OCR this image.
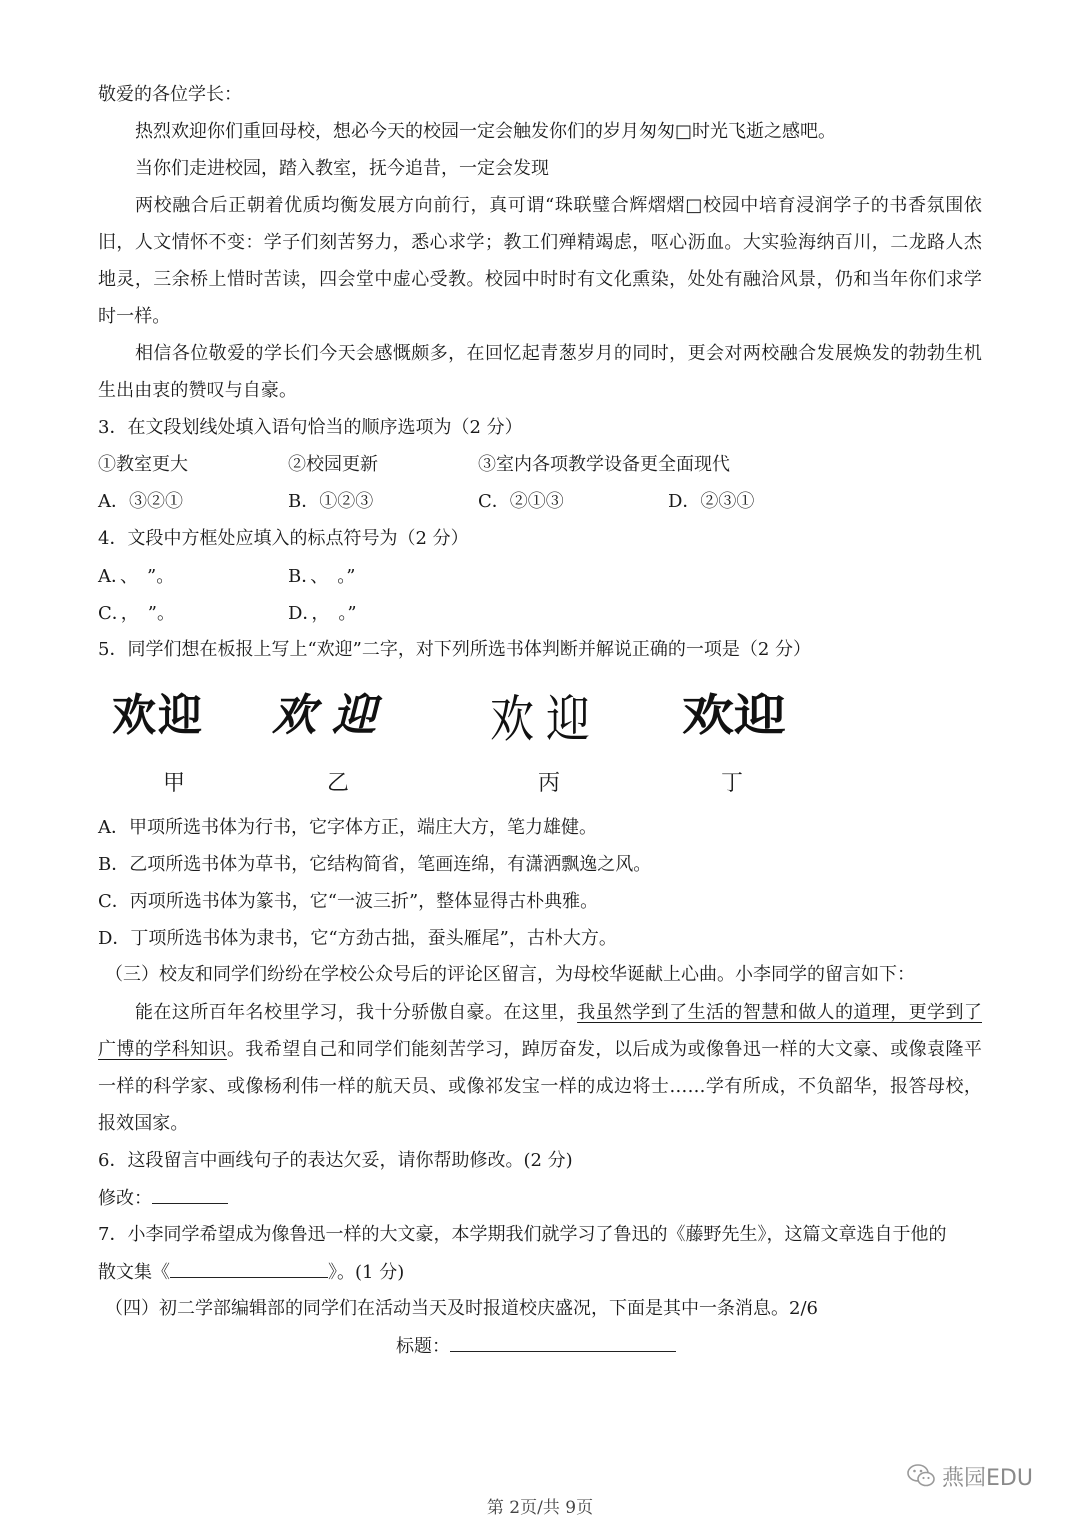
敬爱的各位学长：
热烈欢迎你们重回母校，想必今天的校园一定会触发你们的岁月匆匆□时光飞逝之感吧。
当你们走进校园，踏入教室，抚今追昔，一定会发现
两校融合后正朝着优质均衡发展方向前行，真可谓“珠联璧合辉熠熠□校园中培育浸润学子的书香氛围依旧，人文情怀不变：学子们刻苦努力，悉心求学；教工们殚精竭虑，呕心沥血。大实验海纳百川，二龙路人杰地灵，三余桥上惜时苦读，四会堂中虚心受教。校园中时时有文化熏染，处处有融洽风景，仍和当年你们求学时一样。
相信各位敬爱的学长们今天会感慨颇多，在回忆起青葱岁月的同时，更会对两校融合发展焕发的勃勃生机生出由衷的赞叹与自豪。
3．在文段划线处填入语句恰当的顺序选项为（2 分）
①教室更大	②校园更新	③室内各项教学设备更全面现代
A．③②①	B．①②③	C．②①③	D．②③①
4．文段中方框处应填入的标点符号为（2 分）
A．、　”。	B．、　。”
C．，　”。	D．，　。”
5．同学们想在板报上写上“欢迎”二字，对下列所选书体判断并解说正确的一项是（2 分）
欢迎 欢迎 欢迎 欢迎
甲	乙	丙	丁
A．甲项所选书体为行书，它字体方正，端庄大方，笔力雄健。
B．乙项所选书体为草书，它结构简省，笔画连绵，有潇洒飘逸之风。
C．丙项所选书体为篆书，它“一波三折”，整体显得古朴典雅。
D．丁项所选书体为隶书，它“方劲古拙，蚕头雁尾”，古朴大方。
（三）校友和同学们纷纷在学校公众号后的评论区留言，为母校华诞献上心曲。小李同学的留言如下：
能在这所百年名校里学习，我十分骄傲自豪。在这里，我虽然学到了生活的智慧和做人的道理，更学到了广博的学科知识。我希望自己和同学们能刻苦学习，踔厉奋发，以后成为或像鲁迅一样的大文豪、或像袁隆平一样的科学家、或像杨利伟一样的航天员、或像祁发宝一样的成边将士……学有所成，不负韶华，报答母校，报效国家。
6．这段留言中画线句子的表达欠妥，请你帮助修改。(2 分)
修改：
7．小李同学希望成为像鲁迅一样的大文豪，本学期我们就学习了鲁迅的《藤野先生》，这篇文章选自于他的
散文集《	》。(1 分)
（四）初二学部编辑部的同学们在活动当天及时报道校庆盛况，下面是其中一条消息。2/6
标题：
燕园EDU
第 2页/共 9页
